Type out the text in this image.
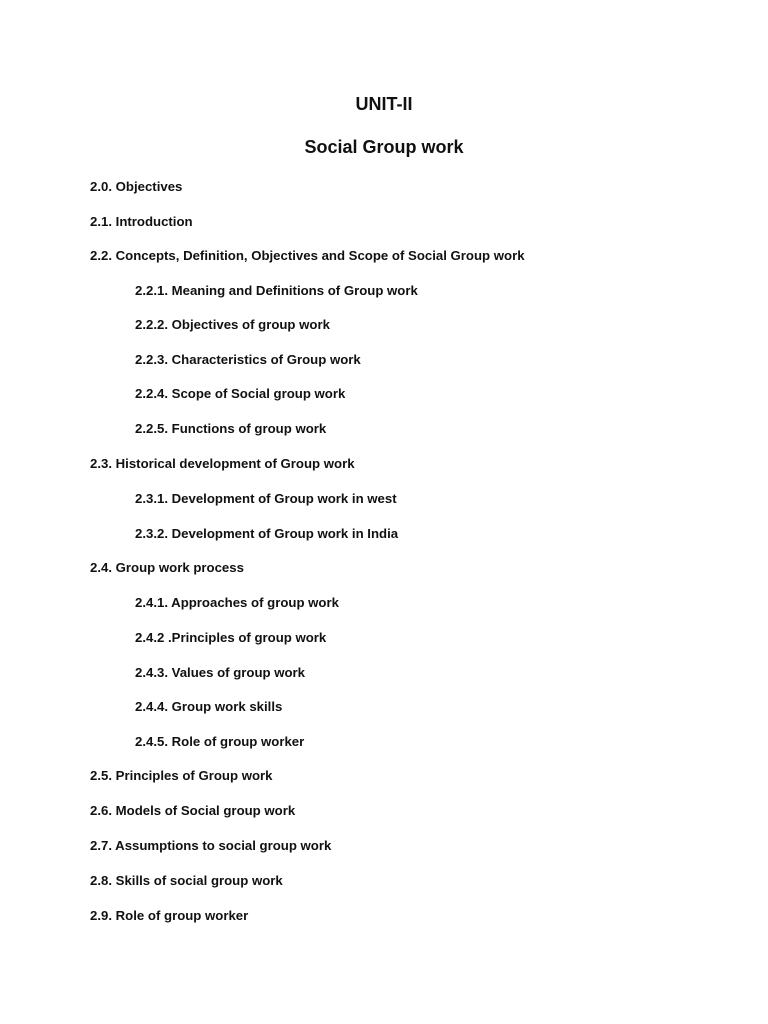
UNIT-II
Social Group work
2.0. Objectives
2.1. Introduction
2.2. Concepts, Definition, Objectives and Scope of Social Group work
2.2.1. Meaning and Definitions of Group work
2.2.2. Objectives of group work
2.2.3. Characteristics of Group work
2.2.4. Scope of Social group work
2.2.5. Functions of group work
2.3. Historical development of Group work
2.3.1. Development of Group work in west
2.3.2. Development of Group work in India
2.4. Group work process
2.4.1. Approaches of group work
2.4.2 .Principles of group work
2.4.3. Values of group work
2.4.4. Group work skills
2.4.5. Role of group worker
2.5. Principles of Group work
2.6. Models of Social group work
2.7. Assumptions to social group work
2.8. Skills of social group work
2.9. Role of group worker
